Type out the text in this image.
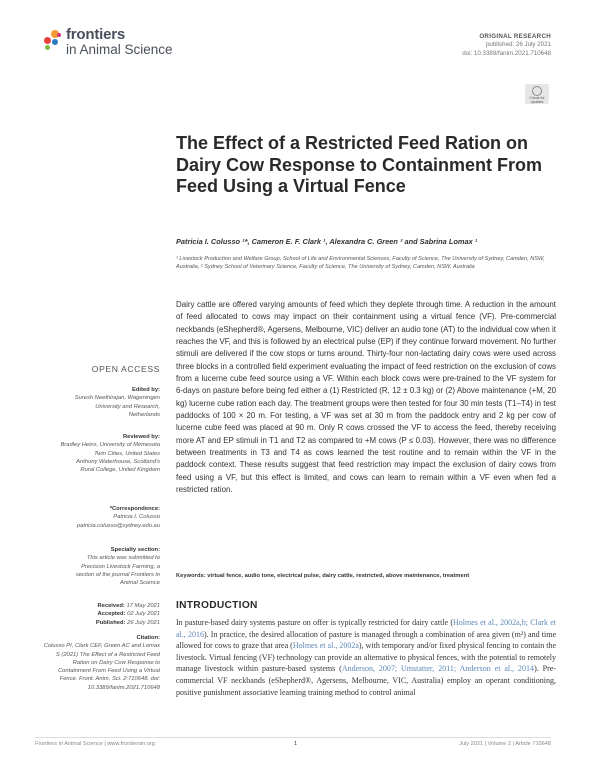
frontiers
in Animal Science
ORIGINAL RESEARCH
published: 26 July 2021
doi: 10.3389/fanim.2021.710648
Check for
updates
The Effect of a Restricted Feed Ration on Dairy Cow Response to Containment From Feed Using a Virtual Fence
Patricia I. Colusso ¹*, Cameron E. F. Clark ¹, Alexandra C. Green ² and Sabrina Lomax ¹
¹ Livestock Production and Welfare Group, School of Life and Environmental Sciences, Faculty of Science, The University of Sydney, Camden, NSW, Australia, ² Sydney School of Veterinary Science, Faculty of Science, The University of Sydney, Camden, NSW, Australia
Dairy cattle are offered varying amounts of feed which they deplete through time. A reduction in the amount of feed allocated to cows may impact on their containment using a virtual fence (VF). Pre-commercial neckbands (eShepherd®, Agersens, Melbourne, VIC) deliver an audio tone (AT) to the individual cow when it reaches the VF, and this is followed by an electrical pulse (EP) if they continue forward movement. No further stimuli are delivered if the cow stops or turns around. Thirty-four non-lactating dairy cows were used across three blocks in a controlled field experiment evaluating the impact of feed restriction on the exclusion of cows from a lucerne cube feed source using a VF. Within each block cows were pre-trained to the VF system for 6-days on pasture before being fed either a (1) Restricted (R, 12 ± 0.3 kg) or (2) Above maintenance (+M, 20 kg) lucerne cube ration each day. The treatment groups were then tested for four 30 min tests (T1–T4) in test paddocks of 100 × 20 m. For testing, a VF was set at 30 m from the paddock entry and 2 kg per cow of lucerne cube feed was placed at 90 m. Only R cows crossed the VF to access the feed, thereby receiving more AT and EP stimuli in T1 and T2 as compared to +M cows (P ≤ 0.03). However, there was no difference between treatments in T3 and T4 as cows learned the test routine and to remain within the VF in the paddock context. These results suggest that feed restriction may impact the exclusion of dairy cows from feed using a VF, but this effect is limited, and cows can learn to remain within a VF even when fed a restricted ration.
Keywords: virtual fence, audio tone, electrical pulse, dairy cattle, restricted, above maintenance, treatment
INTRODUCTION
In pasture-based dairy systems pasture on offer is typically restricted for dairy cattle (Holmes et al., 2002a,b; Clark et al., 2016). In practice, the desired allocation of pasture is managed through a combination of area given (m²) and time allowed for cows to graze that area (Holmes et al., 2002a), with temporary and/or fixed physical fencing to contain the livestock. Virtual fencing (VF) technology can provide an alternative to physical fences, with the potential to remotely manage livestock within pasture-based systems (Anderson, 2007; Umstatter, 2011; Anderson et al., 2014). Pre-commercial VF neckbands (eShepherd®, Agersens, Melbourne, VIC, Australia) employ an operant conditioning, positive punishment associative learning training method to control animal
OPEN ACCESS
Edited by:
Suresh Neethirajan, Wageningen University and Research, Netherlands
Reviewed by:
Bradley Heins, University of Minnesota Twin Cities, United States
Anthony Waterhouse, Scotland's Rural College, United Kingdom
*Correspondence:
Patricia I. Colusso
patricia.colusso@sydney.edu.au
Specialty section:
This article was submitted to Precision Livestock Farming, a section of the journal Frontiers in Animal Science
Received: 17 May 2021
Accepted: 02 July 2021
Published: 26 July 2021
Citation:
Colusso PI, Clark CEF, Green AC and Lomax S (2021) The Effect of a Restricted Feed Ration on Dairy Cow Response to Containment From Feed Using a Virtual Fence. Front. Anim. Sci. 2:710648. doi: 10.3389/fanim.2021.710648
Frontiers in Animal Science | www.frontiersin.org	1	July 2021 | Volume 2 | Article 710648
